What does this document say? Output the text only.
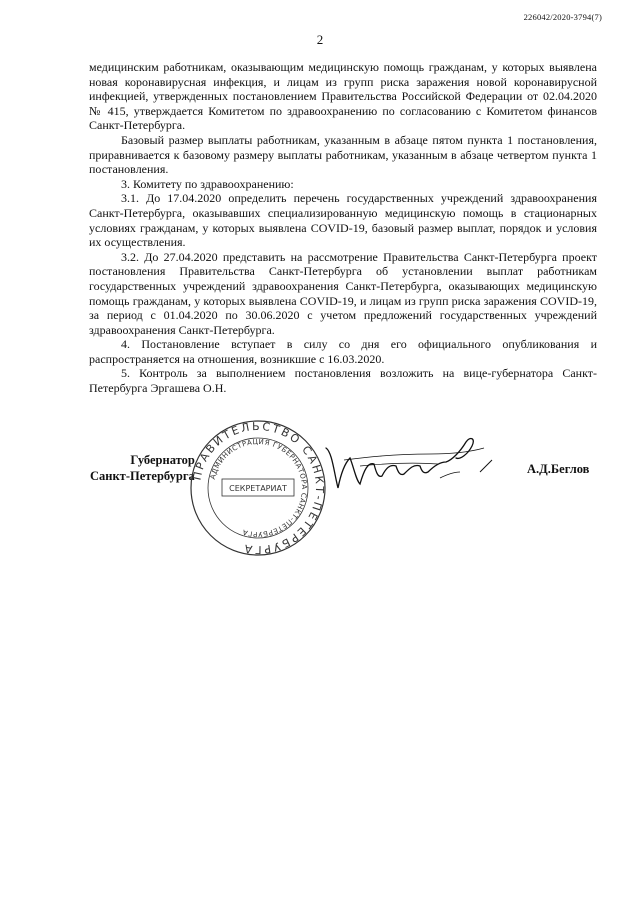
226042/2020-3794(7)
2

медицинским работникам, оказывающим медицинскую помощь гражданам, у которых выявлена новая коронавирусная инфекция, и лицам из групп риска заражения новой коронавирусной инфекцией, утвержденных постановлением Правительства Российской Федерации от 02.04.2020 № 415, утверждается Комитетом по здравоохранению по согласованию с Комитетом финансов Санкт-Петербурга.

Базовый размер выплаты работникам, указанным в абзаце пятом пункта 1 постановления, приравнивается к базовому размеру выплаты работникам, указанным в абзаце четвертом пункта 1 постановления.

3. Комитету по здравоохранению:

3.1. До 17.04.2020 определить перечень государственных учреждений здравоохранения Санкт-Петербурга, оказывавших специализированную медицинскую помощь в стационарных условиях гражданам, у которых выявлена COVID-19, базовый размер выплат, порядок и условия их осуществления.

3.2. До 27.04.2020 представить на рассмотрение Правительства Санкт-Петербурга проект постановления Правительства Санкт-Петербурга об установлении выплат работникам государственных учреждений здравоохранения Санкт-Петербурга, оказывающих медицинскую помощь гражданам, у которых выявлена COVID-19, и лицам из групп риска заражения COVID-19, за период с 01.04.2020 по 30.06.2020 с учетом предложений государственных учреждений здравоохранения Санкт-Петербурга.

4. Постановление вступает в силу со дня его официального опубликования и распространяется на отношения, возникшие с 16.03.2020.

5. Контроль за выполнением постановления возложить на вице-губернатора Санкт-Петербурга Эргашева О.Н.

Губернатор
Санкт-Петербурга
ПРАВИТЕЛЬСТВО САНКТ-ПЕТЕРБУРГА
АДМИНИСТРАЦИЯ ГУБЕРНАТОРА САНКТ-ПЕТЕРБУРГА
СЕКРЕТАРИАТ
А.Д.Беглов
